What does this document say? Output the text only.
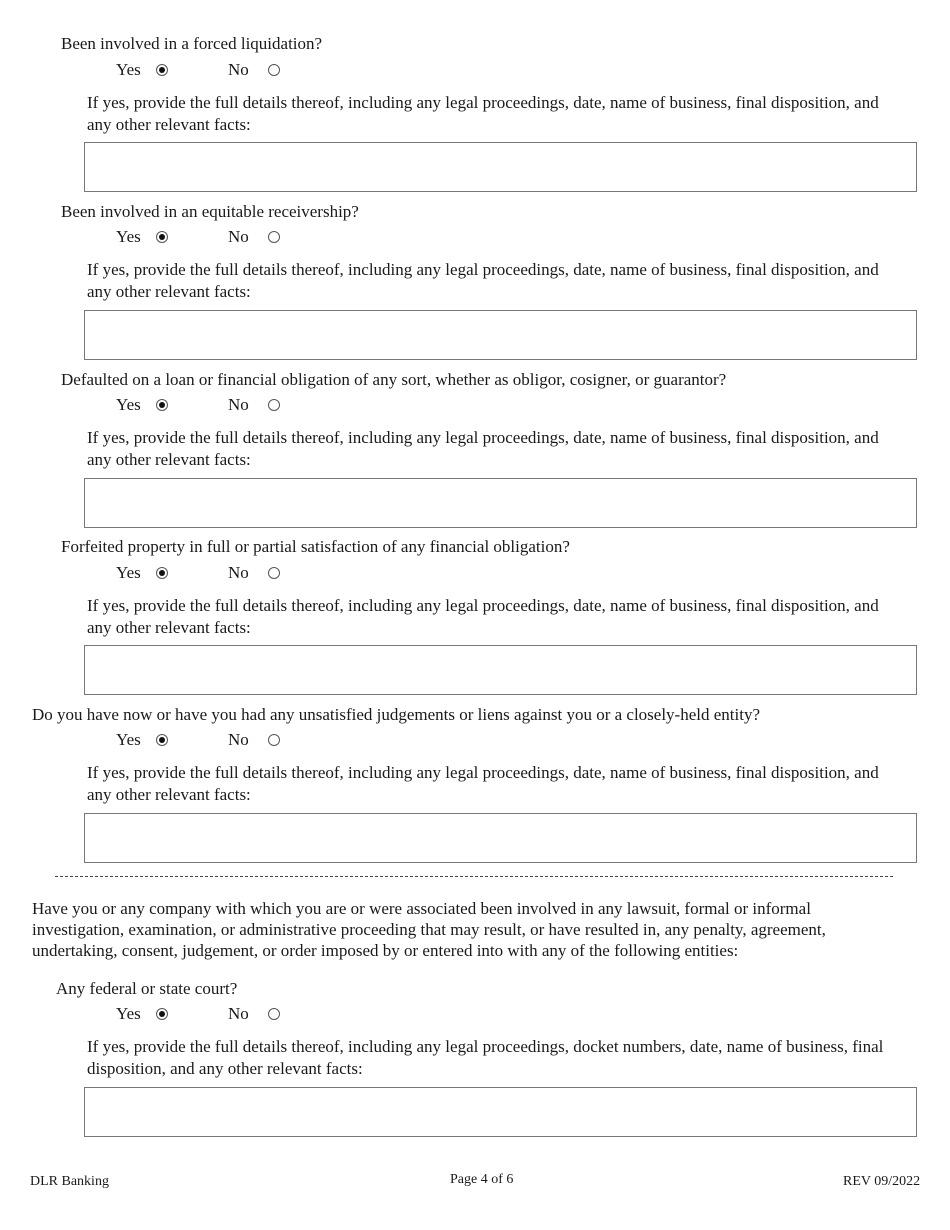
Been involved in a forced liquidation?
Yes	No
If yes, provide the full details thereof, including any legal proceedings, date, name of business, final disposition, and any other relevant facts:
Been involved in an equitable receivership?
Yes	No
If yes, provide the full details thereof, including any legal proceedings, date, name of business, final disposition, and any other relevant facts:
Defaulted on a loan or financial obligation of any sort, whether as obligor, cosigner, or guarantor?
Yes	No
If yes, provide the full details thereof, including any legal proceedings, date, name of business, final disposition, and any other relevant facts:
Forfeited property in full or partial satisfaction of any financial obligation?
Yes	No
If yes, provide the full details thereof, including any legal proceedings, date, name of business, final disposition, and any other relevant facts:
Do you have now or have you had any unsatisfied judgements or liens against you or a closely-held entity?
Yes	No
If yes, provide the full details thereof, including any legal proceedings, date, name of business, final disposition, and any other relevant facts:
Have you or any company with which you are or were associated been involved in any lawsuit, formal or informal investigation, examination, or administrative proceeding that may result, or have resulted in, any penalty, agreement, undertaking, consent, judgement, or order imposed by or entered into with any of the following entities:
Any federal or state court?
Yes	No
If yes, provide the full details thereof, including any legal proceedings, docket numbers, date, name of business, final disposition, and any other relevant facts:
DLR Banking	Page 4 of 6	REV 09/2022
